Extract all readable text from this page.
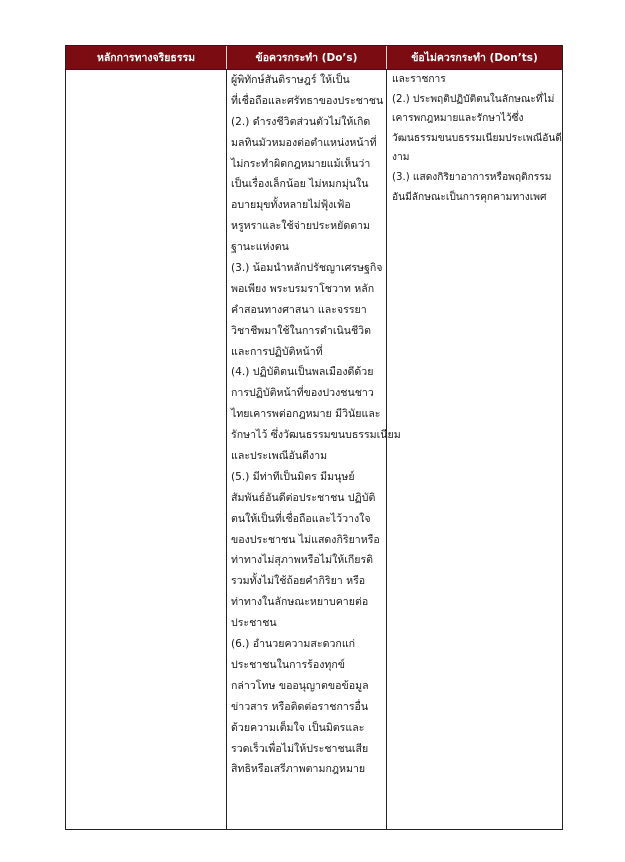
หลักการทางจริยธรรม	ข้อควรกระทำ (Do’s)	ข้อไม่ควรกระทำ (Don’ts)
ผู้พิทักษ์สันติราษฎร์ ให้เป็น
ที่เชื่อถือและศรัทธาของประชาชน
(2.) ดำรงชีวิตส่วนตัวไม่ให้เกิด
มลทินมัวหมองต่อตำแหน่งหน้าที่
ไม่กระทำผิดกฎหมายแม้เห็นว่า
เป็นเรื่องเล็กน้อย ไม่หมกมุ่นใน
อบายมุขทั้งหลายไม่ฟุ้งเฟ้อ
หรูหราและใช้จ่ายประหยัดตาม
ฐานะแห่งตน
(3.) น้อมนำหลักปรัชญาเศรษฐกิจ
พอเพียง พระบรมราโชวาท หลัก
คำสอนทางศาสนา และจรรยา
วิชาชีพมาใช้ในการดำเนินชีวิต
และการปฏิบัติหน้าที่
(4.) ปฏิบัติตนเป็นพลเมืองดีด้วย
การปฏิบัติหน้าที่ของปวงชนชาว
ไทยเคารพต่อกฎหมาย มีวินัยและ
รักษาไว้ ซึ่งวัฒนธรรมขนบธรรมเนียม
และประเพณีอันดีงาม
(5.) มีท่าทีเป็นมิตร มีมนุษย์
สัมพันธ์อันดีต่อประชาชน ปฏิบัติ
ตนให้เป็นที่เชื่อถือและไว้วางใจ
ของประชาชน ไม่แสดงกิริยาหรือ
ท่าทางไม่สุภาพหรือไม่ให้เกียรติ
รวมทั้งไม่ใช้ถ้อยคำกิริยา หรือ
ท่าทางในลักษณะหยาบคายต่อ
ประชาชน
(6.) อำนวยความสะดวกแก่
ประชาชนในการร้องทุกข์
กล่าวโทษ ขออนุญาตขอข้อมูล
ข่าวสาร หรือติดต่อราชการอื่น
ด้วยความเต็มใจ เป็นมิตรและ
รวดเร็วเพื่อไม่ให้ประชาชนเสีย
สิทธิหรือเสรีภาพตามกฎหมาย
และราชการ
(2.) ประพฤติปฏิบัติตนในลักษณะที่ไม่
เคารพกฎหมายและรักษาไว้ซึ่ง
วัฒนธรรมขนบธรรมเนียมประเพณีอันดี
งาม
(3.) แสดงกิริยาอาการหรือพฤติกรรม
อันมีลักษณะเป็นการคุกคามทางเพศ
